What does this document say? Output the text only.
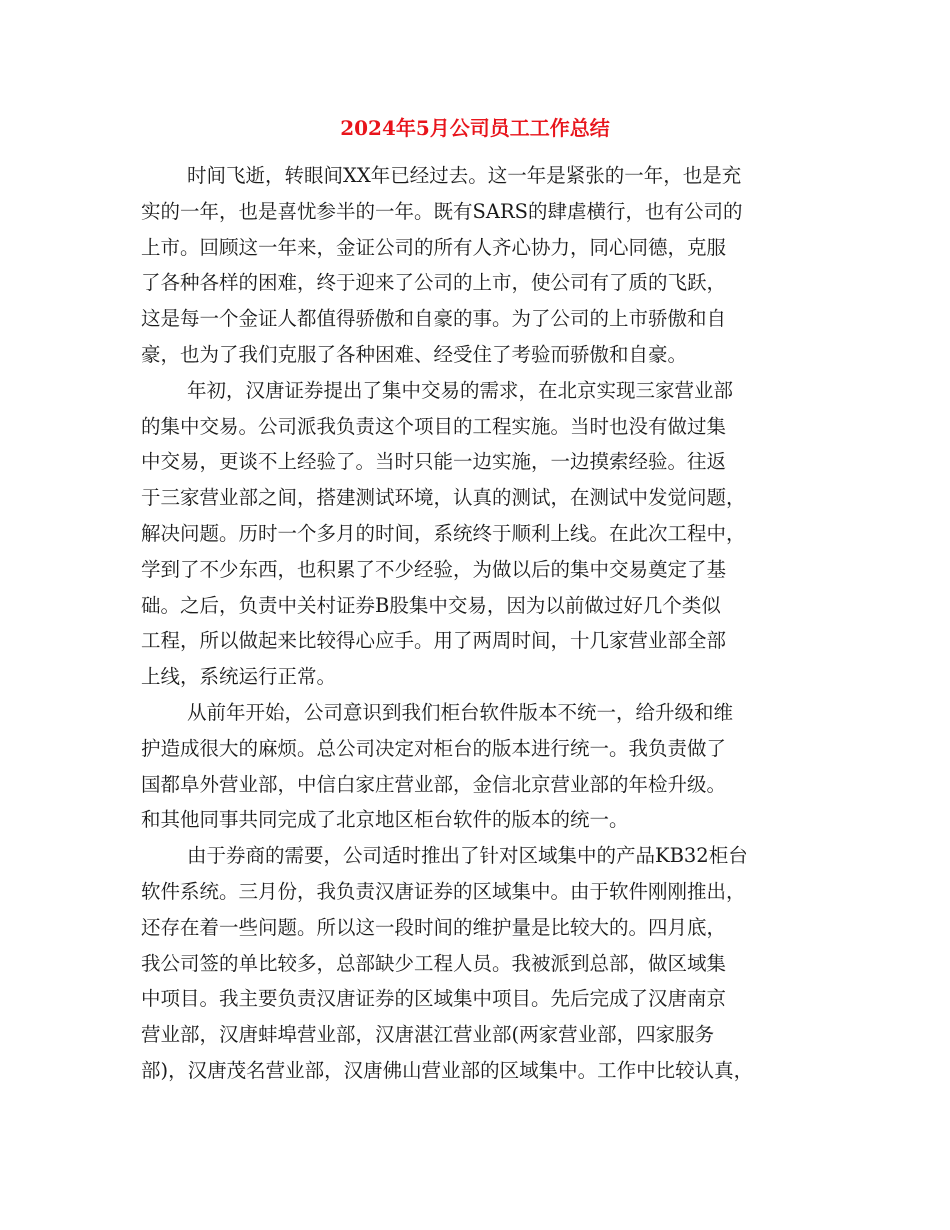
2024年5月公司员工工作总结
时间飞逝，转眼间XX年已经过去。这一年是紧张的一年，也是充
实的一年，也是喜忧参半的一年。既有SARS的肆虐横行，也有公司的
上市。回顾这一年来，金证公司的所有人齐心协力，同心同德，克服
了各种各样的困难，终于迎来了公司的上市，使公司有了质的飞跃，
这是每一个金证人都值得骄傲和自豪的事。为了公司的上市骄傲和自
豪，也为了我们克服了各种困难、经受住了考验而骄傲和自豪。
年初，汉唐证券提出了集中交易的需求，在北京实现三家营业部
的集中交易。公司派我负责这个项目的工程实施。当时也没有做过集
中交易，更谈不上经验了。当时只能一边实施，一边摸索经验。往返
于三家营业部之间，搭建测试环境，认真的测试，在测试中发觉问题，
解决问题。历时一个多月的时间，系统终于顺利上线。在此次工程中，
学到了不少东西，也积累了不少经验，为做以后的集中交易奠定了基
础。之后，负责中关村证券B股集中交易，因为以前做过好几个类似
工程，所以做起来比较得心应手。用了两周时间，十几家营业部全部
上线，系统运行正常。
从前年开始，公司意识到我们柜台软件版本不统一，给升级和维
护造成很大的麻烦。总公司决定对柜台的版本进行统一。我负责做了
国都阜外营业部，中信白家庄营业部，金信北京营业部的年检升级。
和其他同事共同完成了北京地区柜台软件的版本的统一。
由于券商的需要，公司适时推出了针对区域集中的产品KB32柜台
软件系统。三月份，我负责汉唐证券的区域集中。由于软件刚刚推出，
还存在着一些问题。所以这一段时间的维护量是比较大的。四月底，
我公司签的单比较多，总部缺少工程人员。我被派到总部，做区域集
中项目。我主要负责汉唐证券的区域集中项目。先后完成了汉唐南京
营业部，汉唐蚌埠营业部，汉唐湛江营业部(两家营业部，四家服务
部)，汉唐茂名营业部，汉唐佛山营业部的区域集中。工作中比较认真，
